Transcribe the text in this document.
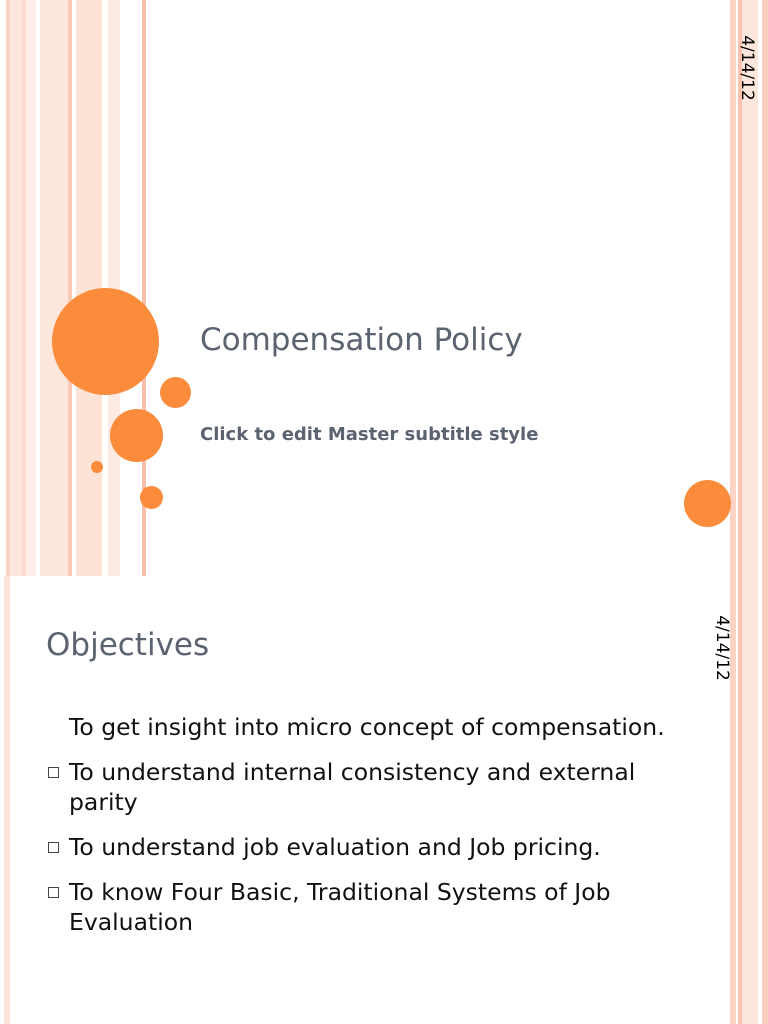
Compensation Policy
Click to edit Master subtitle style
4/14/12
Objectives	4/14/12
To get insight into micro concept of compensation.
To understand internal consistency and external parity
To understand job evaluation and Job pricing.
To know Four Basic, Traditional Systems of Job Evaluation
